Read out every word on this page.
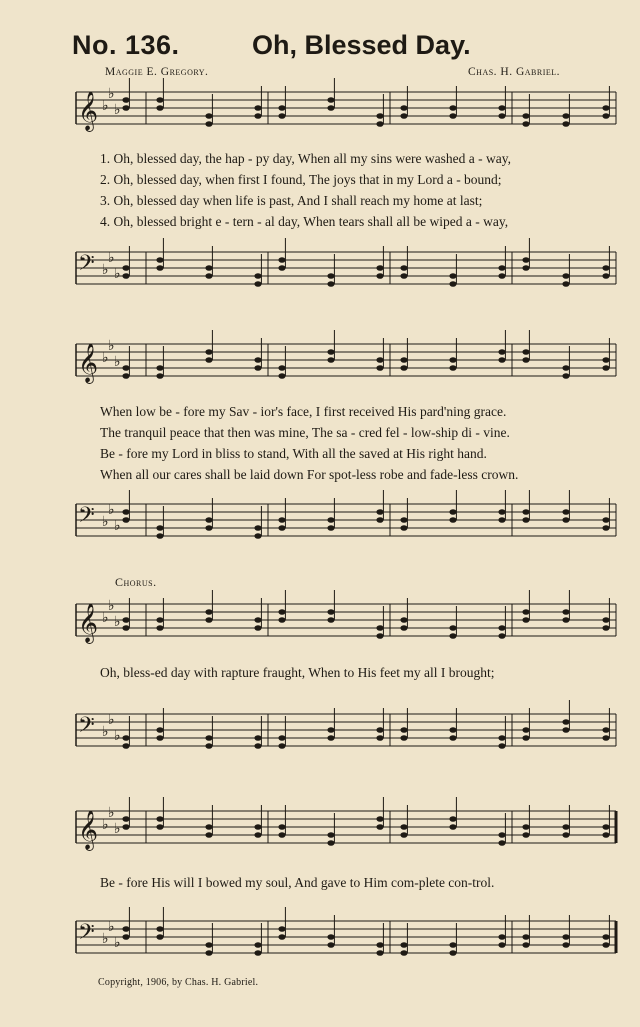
No. 136.	Oh, Blessed Day.
Maggie E. Gregory.	Chas. H. Gabriel.
𝄞 ♭
♭
♭
1. Oh, blessed day, the hap - py day, When all my sins were washed a - way,
2. Oh, blessed day, when first I found, The joys that in my Lord a - bound;
3. Oh, blessed day when life is past, And I shall reach my home at last;
4. Oh, blessed bright e - tern - al day, When tears shall all be wiped a - way,
𝄢 ♭
♭
♭
𝄞 ♭
♭
♭
When low be - fore my Sav - ior's face, I first received His pard'ning grace.
The tranquil peace that then was mine, The sa - cred fel - low-ship di - vine.
Be - fore my Lord in bliss to stand, With all the saved at His right hand.
When all our cares shall be laid down For spot-less robe and fade-less crown.
𝄢 ♭
♭
♭
Chorus.
𝄞 ♭
♭
♭
Oh, bless-ed day with rapture fraught, When to His feet my all I brought;
𝄢 ♭
♭
♭
𝄞 ♭
♭
♭
Be - fore His will I bowed my soul, And gave to Him com-plete con-trol.
𝄢 ♭
♭
♭
Copyright, 1906, by Chas. H. Gabriel.
